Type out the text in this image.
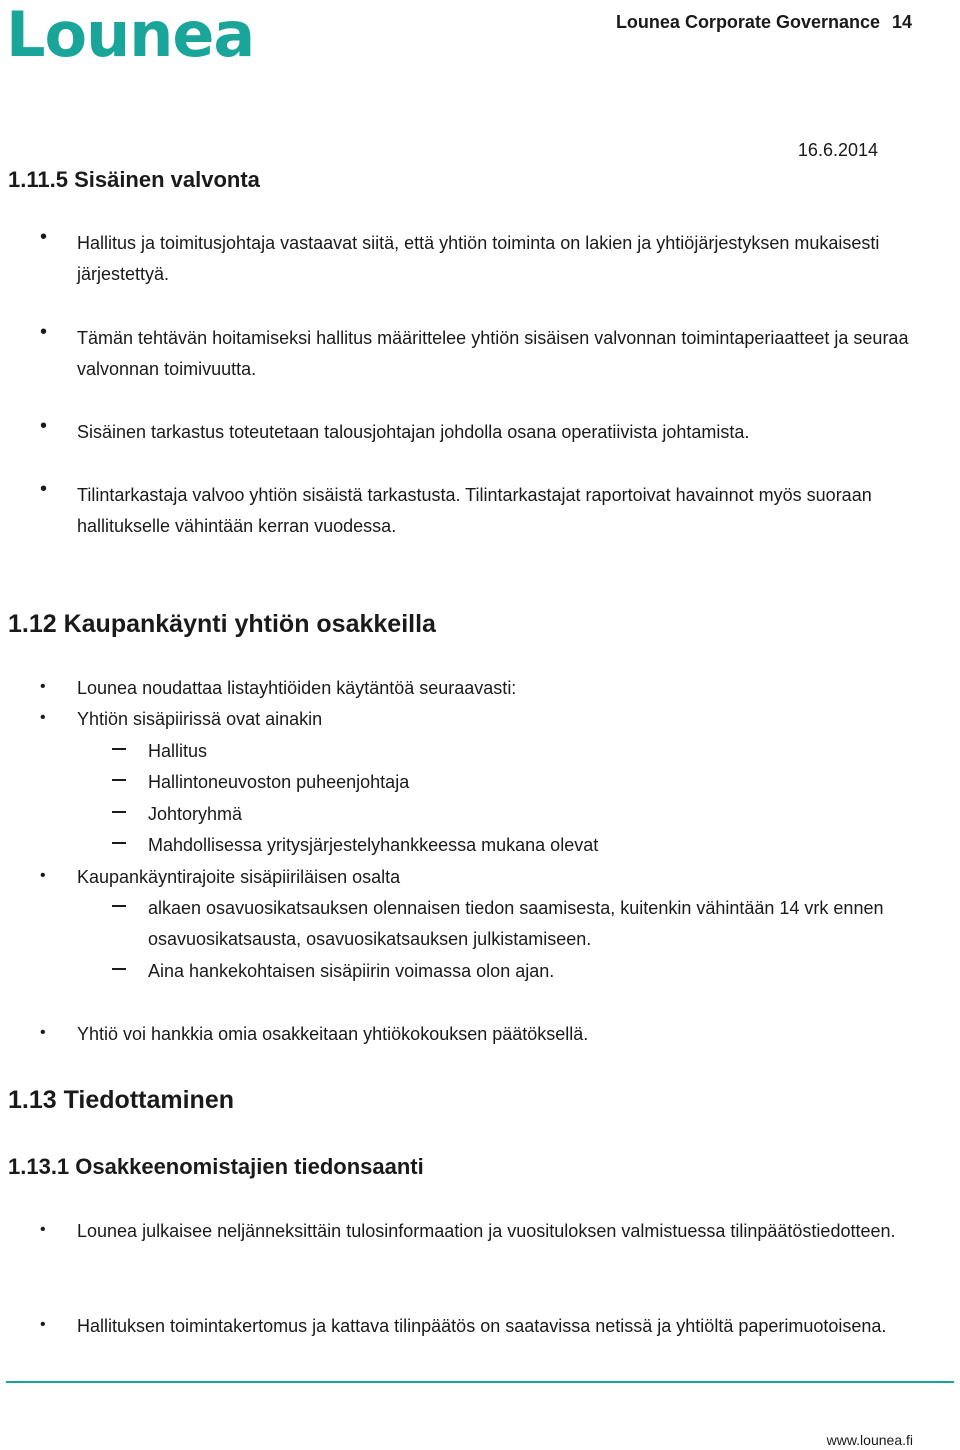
Lounea	Lounea Corporate Governance 14
16.6.2014
1.11.5 Sisäinen valvonta
• Hallitus ja toimitusjohtaja vastaavat siitä, että yhtiön toiminta on lakien ja yhtiöjärjestyksen mukaisesti järjestettyä.
• Tämän tehtävän hoitamiseksi hallitus määrittelee yhtiön sisäisen valvonnan toimintaperiaatteet ja seuraa valvonnan toimivuutta.
• Sisäinen tarkastus toteutetaan talousjohtajan johdolla osana operatiivista johtamista.
• Tilintarkastaja valvoo yhtiön sisäistä tarkastusta. Tilintarkastajat raportoivat havainnot myös suoraan hallitukselle vähintään kerran vuodessa.
1.12 Kaupankäynti yhtiön osakkeilla
• Lounea noudattaa listayhtiöiden käytäntöä seuraavasti:
• Yhtiön sisäpiirissä ovat ainakin
Hallitus
Hallintoneuvoston puheenjohtaja
Johtoryhmä
Mahdollisessa yritysjärjestelyhankkeessa mukana olevat
• Kaupankäyntirajoite sisäpiiriläisen osalta
alkaen osavuosikatsauksen olennaisen tiedon saamisesta, kuitenkin vähintään 14 vrk ennen osavuosikatsausta, osavuosikatsauksen julkistamiseen.
Aina hankekohtaisen sisäpiirin voimassa olon ajan.
• Yhtiö voi hankkia omia osakkeitaan yhtiökokouksen päätöksellä.
1.13 Tiedottaminen
1.13.1 Osakkeenomistajien tiedonsaanti
• Lounea julkaisee neljänneksittäin tulosinformaation ja vuosituloksen valmistuessa tilinpäätöstiedotteen.
• Hallituksen toimintakertomus ja kattava tilinpäätös on saatavissa netissä ja yhtiöltä paperimuotoisena.
www.lounea.fi
